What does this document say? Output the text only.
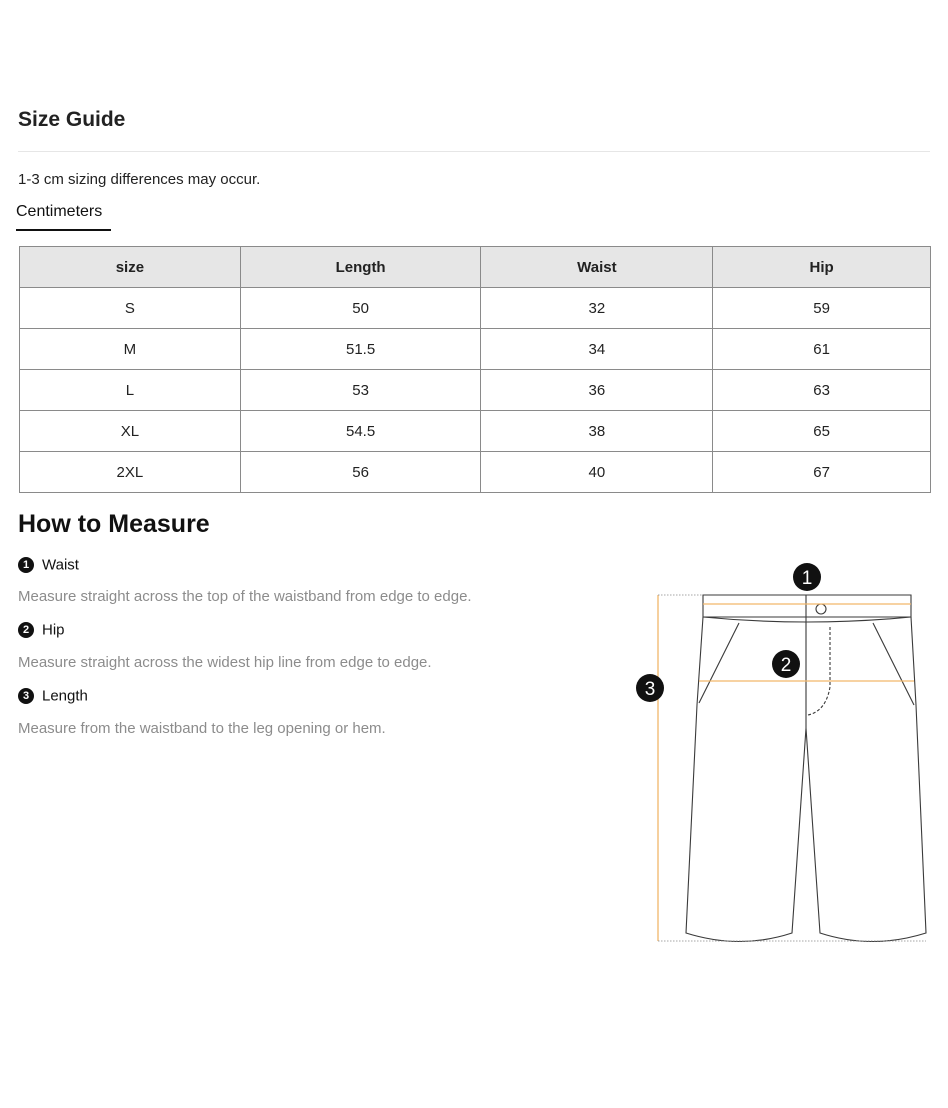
Size Guide
1-3 cm sizing differences may occur.
Centimeters
size	Length	Waist	Hip
S	50	32	59
M	51.5	34	61
L	53	36	63
XL	54.5	38	65
2XL	56	40	67
How to Measure
1 Waist
Measure straight across the top of the waistband from edge to edge.
2 Hip
Measure straight across the widest hip line from edge to edge.
3 Length
Measure from the waistband to the leg opening or hem.
1
2
3
